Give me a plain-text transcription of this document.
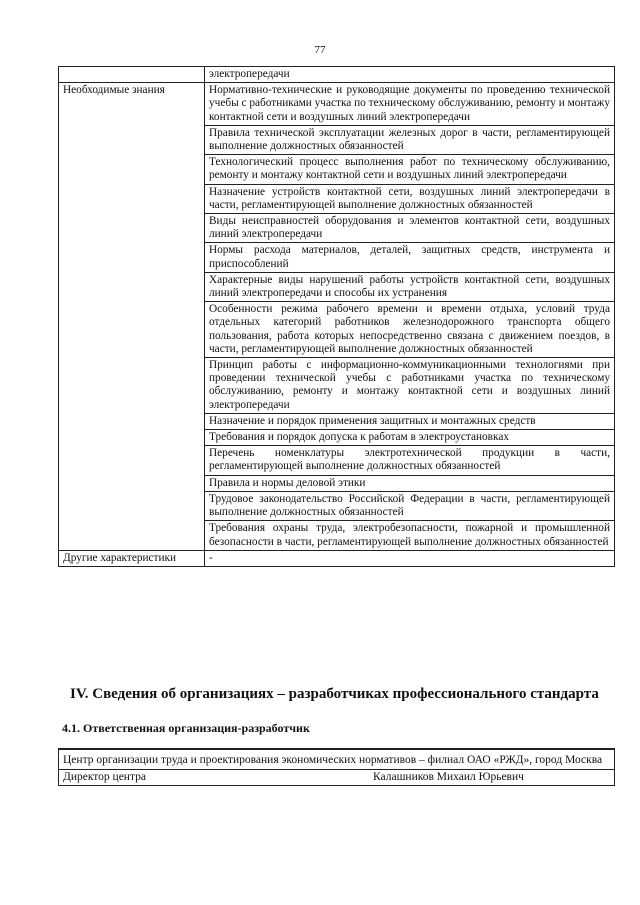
77
	электропередачи
Необходимые знания	Нормативно-технические и руководящие документы по проведению технической учебы с работниками участка по техническому обслуживанию, ремонту и монтажу контактной сети и воздушных линий электропередачи
	Правила технической эксплуатации железных дорог в части, регламентирующей выполнение должностных обязанностей
	Технологический процесс выполнения работ по техническому обслуживанию, ремонту и монтажу контактной сети и воздушных линий электропередачи
	Назначение устройств контактной сети, воздушных линий электропередачи в части, регламентирующей выполнение должностных обязанностей
	Виды неисправностей оборудования и элементов контактной сети, воздушных линий электропередачи
	Нормы расхода материалов, деталей, защитных средств, инструмента и приспособлений
	Характерные виды нарушений работы устройств контактной сети, воздушных линий электропередачи и способы их устранения
	Особенности режима рабочего времени и времени отдыха, условий труда отдельных категорий работников железнодорожного транспорта общего пользования, работа которых непосредственно связана с движением поездов, в части, регламентирующей выполнение должностных обязанностей
	Принцип работы с информационно-коммуникационными технологиями при проведении технической учебы с работниками участка по техническому обслуживанию, ремонту и монтажу контактной сети и воздушных линий электропередачи
	Назначение и порядок применения защитных и монтажных средств
	Требования и порядок допуска к работам в электроустановках
	Перечень номенклатуры электротехнической продукции в части, регламентирующей выполнение должностных обязанностей
	Правила и нормы деловой этики
	Трудовое законодательство Российской Федерации в части, регламентирующей выполнение должностных обязанностей
	Требования охраны труда, электробезопасности, пожарной и промышленной безопасности в части, регламентирующей выполнение должностных обязанностей
Другие характеристики	-
IV. Сведения об организациях – разработчиках профессионального стандарта
4.1. Ответственная организация-разработчик
Центр организации труда и проектирования экономических нормативов – филиал ОАО «РЖД», город Москва

Директор центра	Калашников Михаил Юрьевич
